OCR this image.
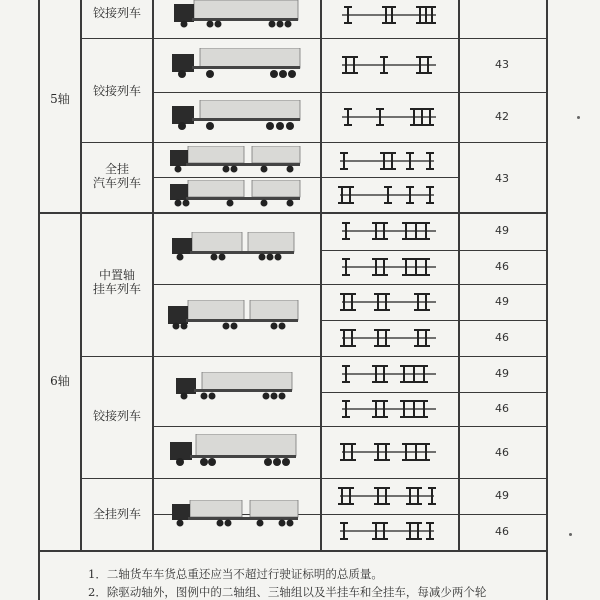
5轴
6轴
铰接列车
铰接列车
全挂
汽车列车
中置轴
挂车列车
铰接列车
全挂列车
43
42
43
49
46
49
46
49
46
46
49
46
1．二轴货车车货总重还应当不超过行驶证标明的总质量。
2．除驱动轴外，图例中的二轴组、三轴组以及半挂车和全挂车，每减少两个轮
